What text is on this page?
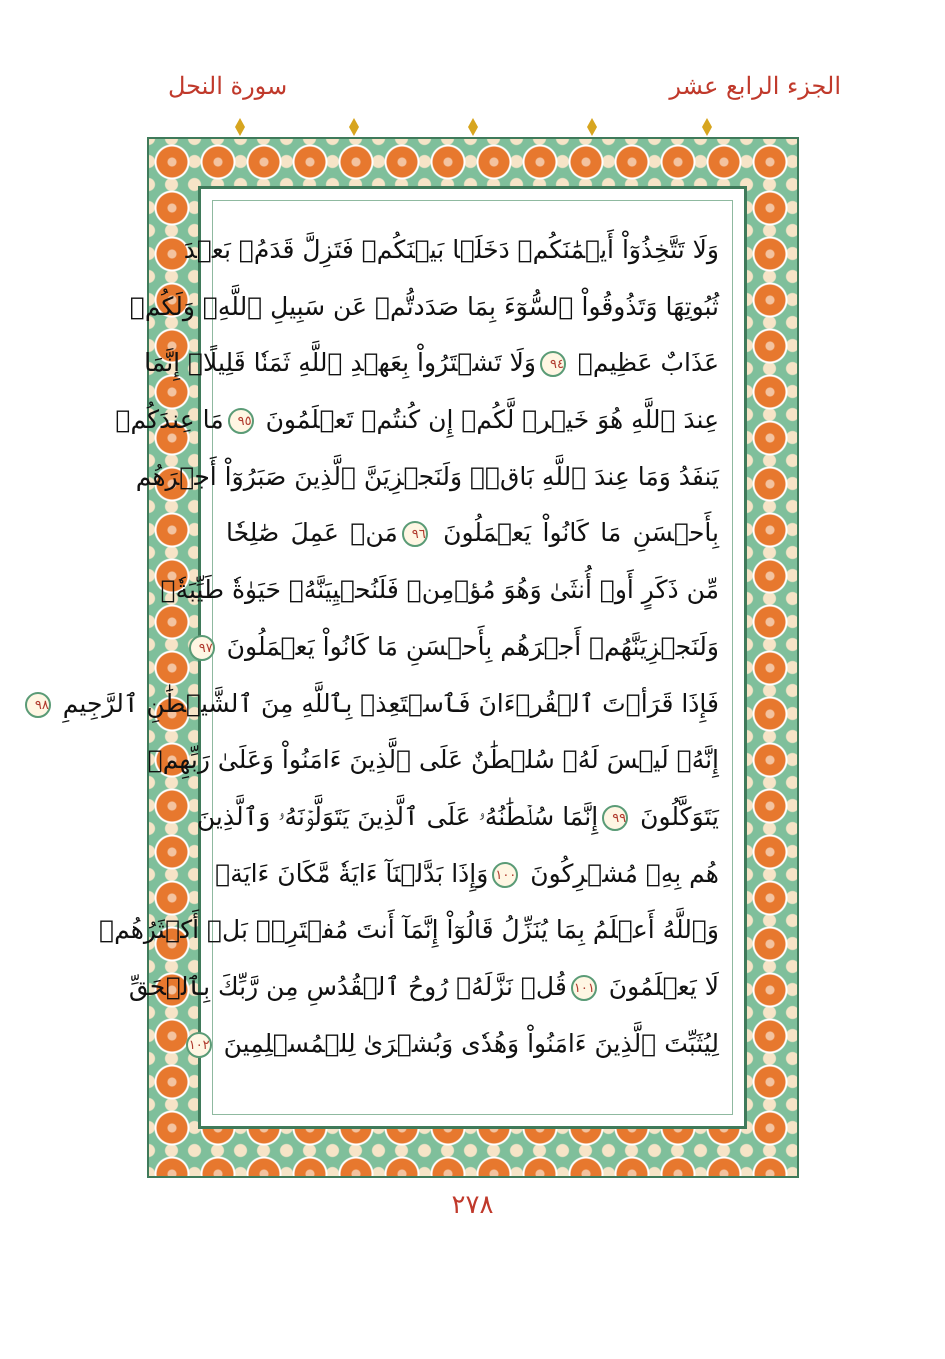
الجزء الرابع عشر
سورة النحل
وَلَا تَتَّخِذُوٓاْ أَيۡمَٰنَكُمۡ دَخَلَۢا بَيۡنَكُمۡ فَتَزِلَّ قَدَمُۢ بَعۡدَ
ثُبُوتِهَا وَتَذُوقُواْ ٱلسُّوٓءَ بِمَا صَدَدتُّمۡ عَن سَبِيلِ ٱللَّهِۖ وَلَكُمۡ
عَذَابٌ عَظِيمٞ ٩٤وَلَا تَشۡتَرُواْ بِعَهۡدِ ٱللَّهِ ثَمَنٗا قَلِيلًاۚ إِنَّمَا
عِندَ ٱللَّهِ هُوَ خَيۡرٞ لَّكُمۡ إِن كُنتُمۡ تَعۡلَمُونَ ٩٥مَا عِندَكُمۡ
يَنفَدُ وَمَا عِندَ ٱللَّهِ بَاقٖۗ وَلَنَجۡزِيَنَّ ٱلَّذِينَ صَبَرُوٓاْ أَجۡرَهُم
بِأَحۡسَنِ مَا كَانُواْ يَعۡمَلُونَ ٩٦مَنۡ عَمِلَ صَٰلِحٗا
مِّن ذَكَرٍ أَوۡ أُنثَىٰ وَهُوَ مُؤۡمِنٞ فَلَنُحۡيِيَنَّهُۥ حَيَوٰةٗ طَيِّبَةٗۖ
وَلَنَجۡزِيَنَّهُمۡ أَجۡرَهُم بِأَحۡسَنِ مَا كَانُواْ يَعۡمَلُونَ ٩٧
فَإِذَا قَرَأۡتَ ٱلۡقُرۡءَانَ فَٱسۡتَعِذۡ بِٱللَّهِ مِنَ ٱلشَّيۡطَٰنِ ٱلرَّجِيمِ ٩٨
إِنَّهُۥ لَيۡسَ لَهُۥ سُلۡطَٰنٌ عَلَى ٱلَّذِينَ ءَامَنُواْ وَعَلَىٰ رَبِّهِمۡ
يَتَوَكَّلُونَ ٩٩إِنَّمَا سُلۡطَٰنُهُۥ عَلَى ٱلَّذِينَ يَتَوَلَّوۡنَهُۥ وَٱلَّذِينَ
هُم بِهِۦ مُشۡرِكُونَ ١٠٠وَإِذَا بَدَّلۡنَآ ءَايَةٗ مَّكَانَ ءَايَةٖ
وَٱللَّهُ أَعۡلَمُ بِمَا يُنَزِّلُ قَالُوٓاْ إِنَّمَآ أَنتَ مُفۡتَرِۢۚ بَلۡ أَكۡثَرُهُمۡ
لَا يَعۡلَمُونَ ١٠١قُلۡ نَزَّلَهُۥ رُوحُ ٱلۡقُدُسِ مِن رَّبِّكَ بِٱلۡحَقِّ
لِيُثَبِّتَ ٱلَّذِينَ ءَامَنُواْ وَهُدٗى وَبُشۡرَىٰ لِلۡمُسۡلِمِينَ ١٠٢
٢٧٨
